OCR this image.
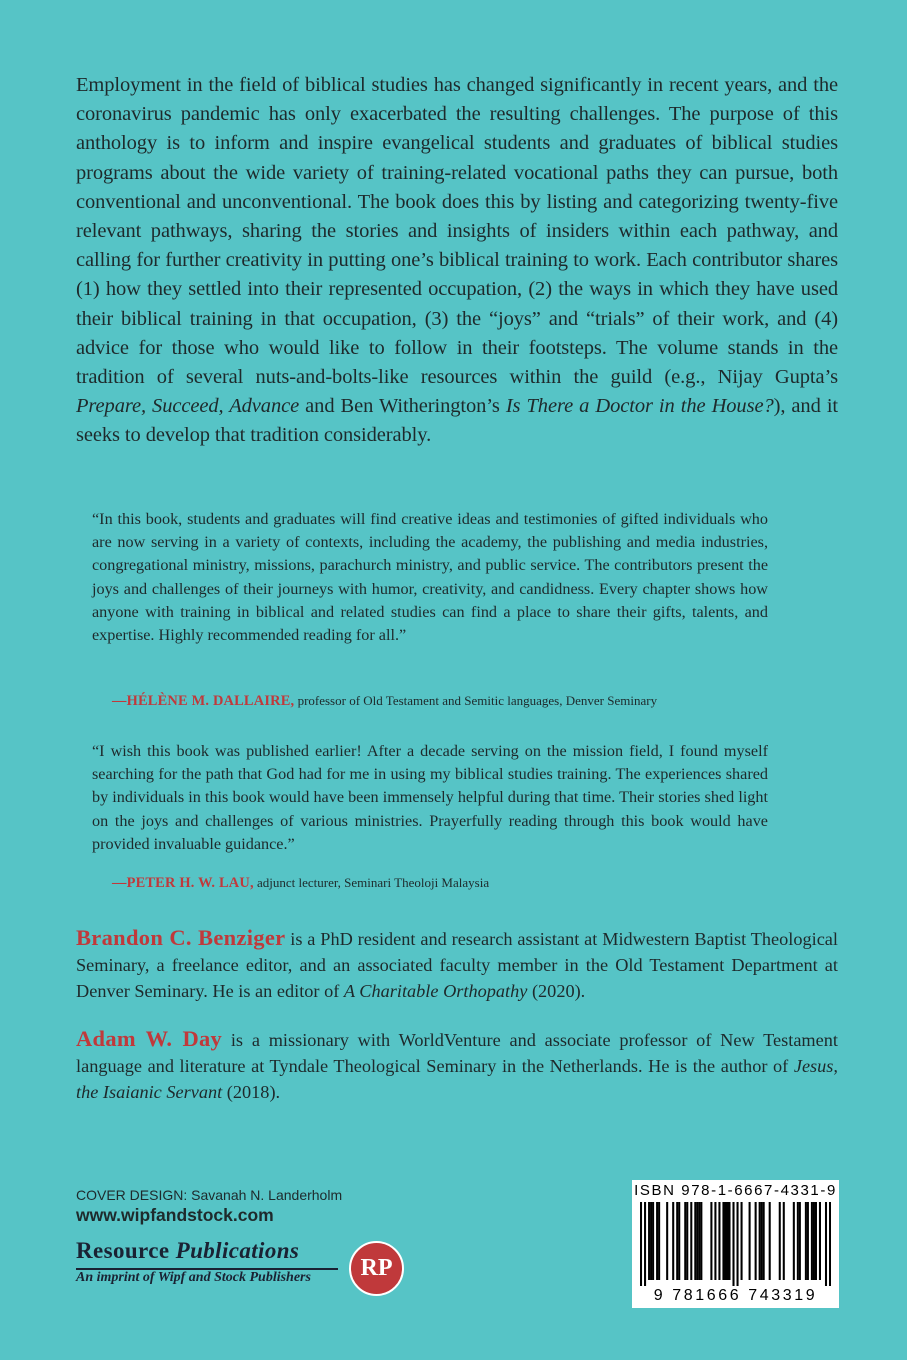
Employment in the field of biblical studies has changed significantly in recent years, and the coronavirus pandemic has only exacerbated the resulting challenges. The purpose of this anthology is to inform and inspire evangelical students and graduates of biblical studies programs about the wide variety of training-related vocational paths they can pursue, both conventional and unconventional. The book does this by listing and categorizing twenty-five relevant pathways, sharing the stories and insights of insiders within each pathway, and calling for further creativity in putting one’s biblical training to work. Each contributor shares (1) how they settled into their represented occupation, (2) the ways in which they have used their biblical training in that occupation, (3) the “joys” and “trials” of their work, and (4) advice for those who would like to follow in their footsteps. The volume stands in the tradition of several nuts-and-bolts-like resources within the guild (e.g., Nijay Gupta’s Prepare, Succeed, Advance and Ben Witherington’s Is There a Doctor in the House?), and it seeks to develop that tradition considerably.

“In this book, students and graduates will find creative ideas and testimonies of gifted individuals who are now serving in a variety of contexts, including the academy, the publishing and media industries, congregational ministry, missions, parachurch ministry, and public service. The contributors present the joys and challenges of their journeys with humor, creativity, and candidness. Every chapter shows how anyone with training in biblical and related studies can find a place to share their gifts, talents, and expertise. Highly recommended reading for all.”

—HÉLÈNE M. DALLAIRE, professor of Old Testament and Semitic languages, Denver Seminary

“I wish this book was published earlier! After a decade serving on the mission field, I found myself searching for the path that God had for me in using my biblical studies training. The experiences shared by individuals in this book would have been immensely helpful during that time. Their stories shed light on the joys and challenges of various ministries. Prayerfully reading through this book would have provided invaluable guidance.”

—PETER H. W. LAU, adjunct lecturer, Seminari Theoloji Malaysia

Brandon C. Benziger is a PhD resident and research assistant at Midwestern Baptist Theological Seminary, a freelance editor, and an associated faculty member in the Old Testament Department at Denver Seminary. He is an editor of A Charitable Orthopathy (2020).

Adam W. Day is a missionary with WorldVenture and associate professor of New Testament language and literature at Tyndale Theological Seminary in the Netherlands. He is the author of Jesus, the Isaianic Servant (2018).

COVER DESIGN: Savanah N. Landerholm
www.wipfandstock.com
Resource Publications
An imprint of Wipf and Stock Publishers	RP
ISBN 978-1-6667-4331-9
9 781666 743319
